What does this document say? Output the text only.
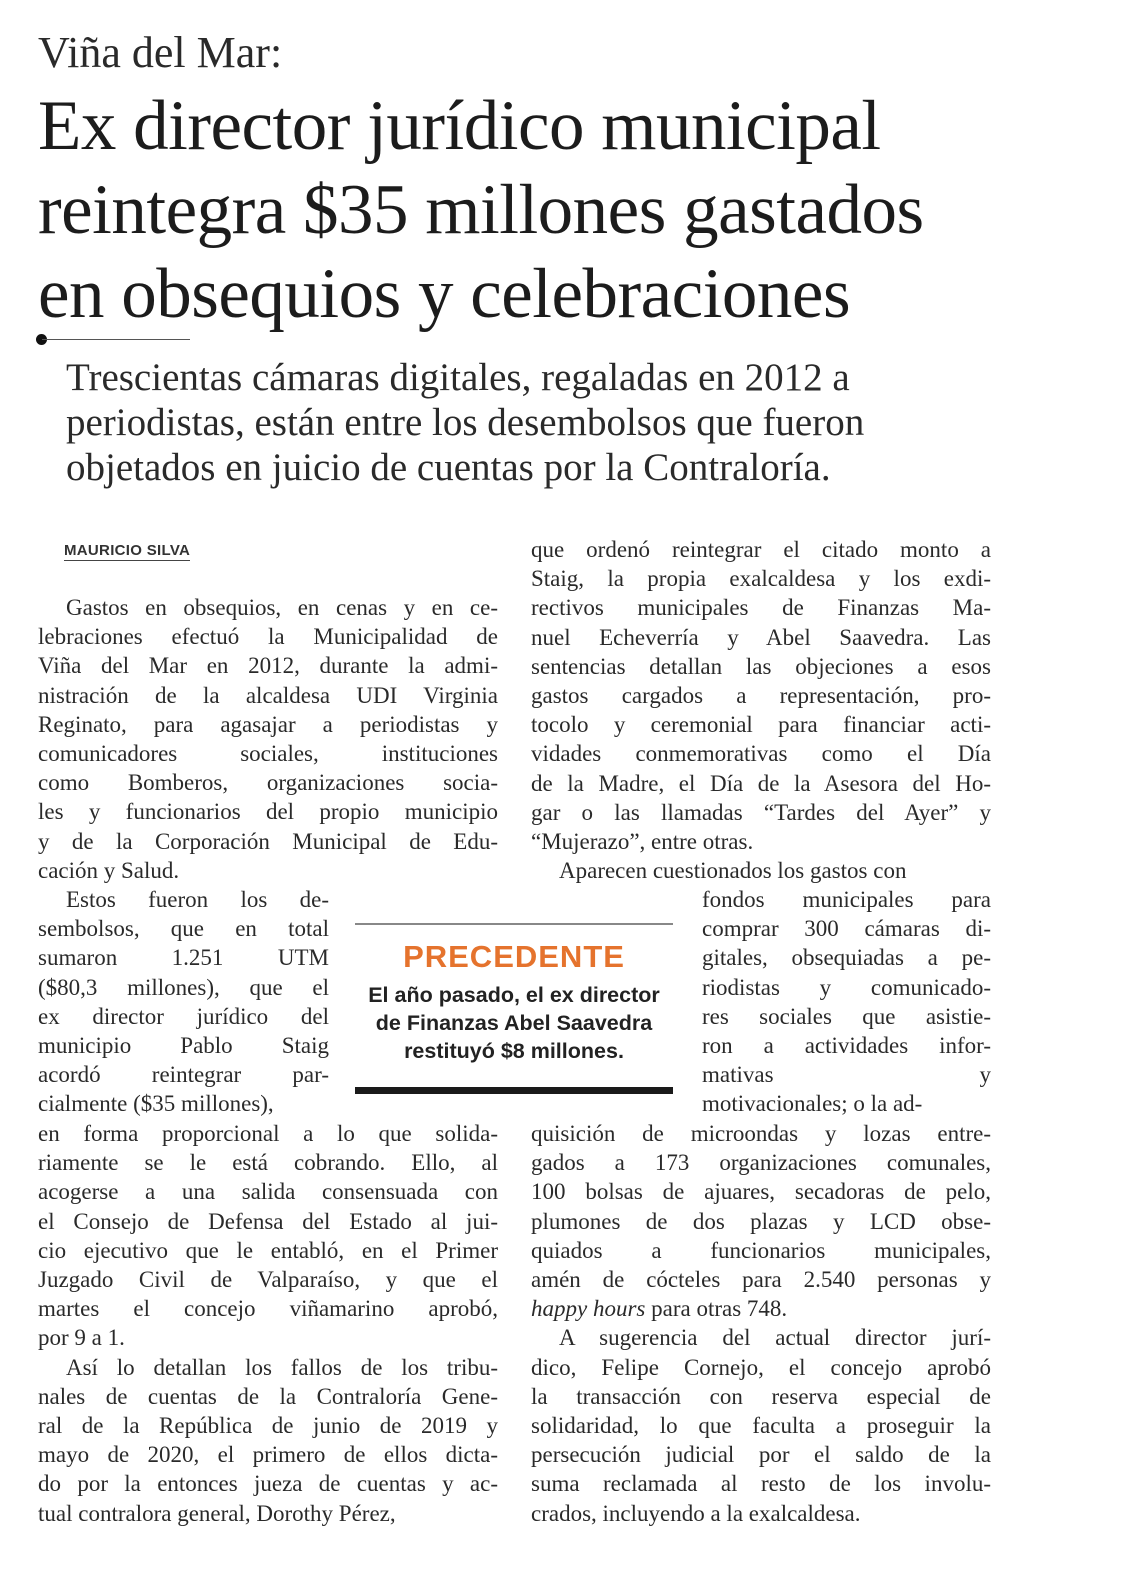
Viña del Mar:
Ex director jurídico municipal
reintegra $35 millones gastados
en obsequios y celebraciones
Trescientas cámaras digitales, regaladas en 2012 a
periodistas, están entre los desembolsos que fueron
objetados en juicio de cuentas por la Contraloría.
MAURICIO SILVA
Gastos en obsequios, en cenas y en ce-
lebraciones efectuó la Municipalidad de
Viña del Mar en 2012, durante la admi-
nistración de la alcaldesa UDI Virginia
Reginato, para agasajar a periodistas y
comunicadores sociales, instituciones
como Bomberos, organizaciones socia-
les y funcionarios del propio municipio
y de la Corporación Municipal de Edu-
cación y Salud.
Estos fueron los de-
sembolsos, que en total
sumaron 1.251 UTM
($80,3 millones), que el
ex director jurídico del
municipio Pablo Staig
acordó reintegrar par-
cialmente ($35 millones),
en forma proporcional a lo que solida-
riamente se le está cobrando. Ello, al
acogerse a una salida consensuada con
el Consejo de Defensa del Estado al jui-
cio ejecutivo que le entabló, en el Primer
Juzgado Civil de Valparaíso, y que el
martes el concejo viñamarino aprobó,
por 9 a 1.
Así lo detallan los fallos de los tribu-
nales de cuentas de la Contraloría Gene-
ral de la República de junio de 2019 y
mayo de 2020, el primero de ellos dicta-
do por la entonces jueza de cuentas y ac-
tual contralora general, Dorothy Pérez,
que ordenó reintegrar el citado monto a
Staig, la propia exalcaldesa y los exdi-
rectivos municipales de Finanzas Ma-
nuel Echeverría y Abel Saavedra. Las
sentencias detallan las objeciones a esos
gastos cargados a representación, pro-
tocolo y ceremonial para financiar acti-
vidades conmemorativas como el Día
de la Madre, el Día de la Asesora del Ho-
gar o las llamadas “Tardes del Ayer” y
“Mujerazo”, entre otras.
Aparecen cuestionados los gastos con
fondos municipales para
comprar 300 cámaras di-
gitales, obsequiadas a pe-
riodistas y comunicado-
res sociales que asistie-
ron a actividades infor-
mativas y
motivacionales; o la ad-
quisición de microondas y lozas entre-
gados a 173 organizaciones comunales,
100 bolsas de ajuares, secadoras de pelo,
plumones de dos plazas y LCD obse-
quiados a funcionarios municipales,
amén de cócteles para 2.540 personas y
happy hours para otras 748.
A sugerencia del actual director jurí-
dico, Felipe Cornejo, el concejo aprobó
la transacción con reserva especial de
solidaridad, lo que faculta a proseguir la
persecución judicial por el saldo de la
suma reclamada al resto de los involu-
crados, incluyendo a la exalcaldesa.
PRECEDENTE
El año pasado, el ex director de Finanzas Abel Saavedra restituyó $8 millones.
